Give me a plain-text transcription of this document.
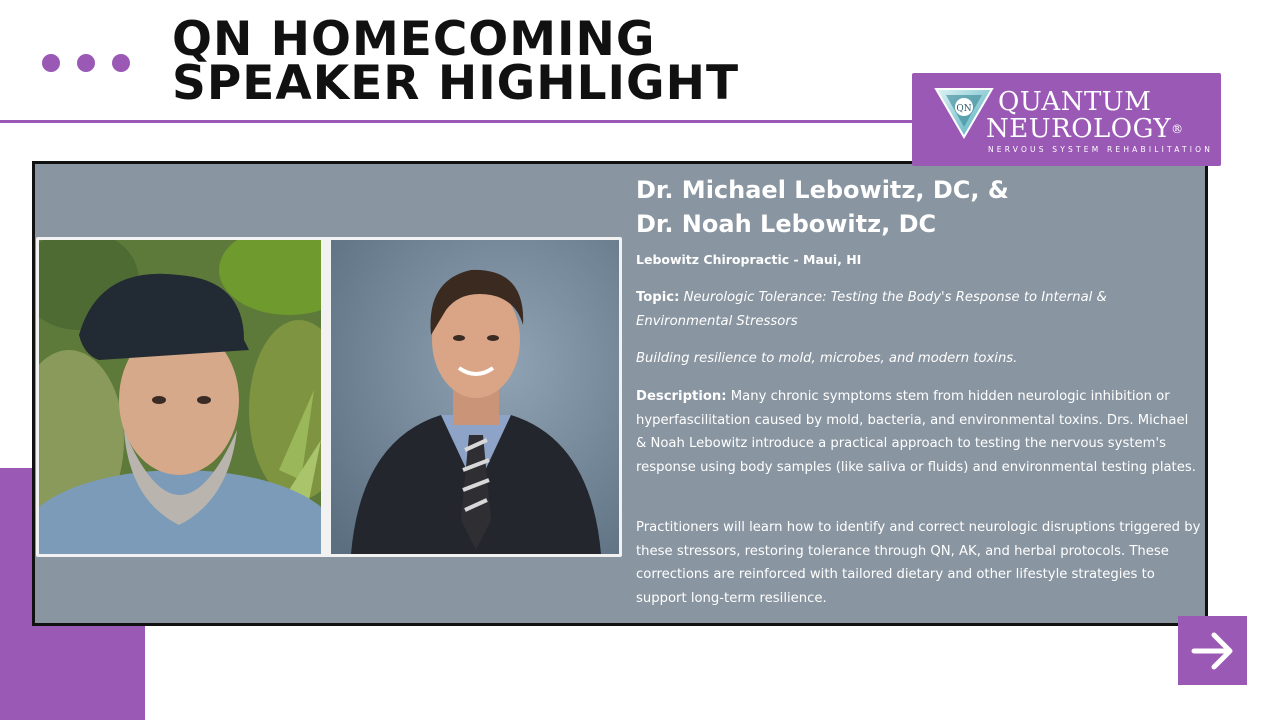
QN HOMECOMING
SPEAKER HIGHLIGHT	QN QUANTUM
NEUROLOGY®
NERVOUS SYSTEM REHABILITATION
Dr. Michael Lebowitz, DC, &
Dr. Noah Lebowitz, DC
Lebowitz Chiropractic - Maui, HI

Topic: Neurologic Tolerance: Testing the Body's Response to Internal & Environmental Stressors

Building resilience to mold, microbes, and modern toxins.

Description: Many chronic symptoms stem from hidden neurologic inhibition or hyperfascilitation caused by mold, bacteria, and environmental toxins. Drs. Michael & Noah Lebowitz introduce a practical approach to testing the nervous system's response using body samples (like saliva or fluids) and environmental testing plates.

Practitioners will learn how to identify and correct neurologic disruptions triggered by these stressors, restoring tolerance through QN, AK, and herbal protocols. These corrections are reinforced with tailored dietary and other lifestyle strategies to support long-term resilience.
